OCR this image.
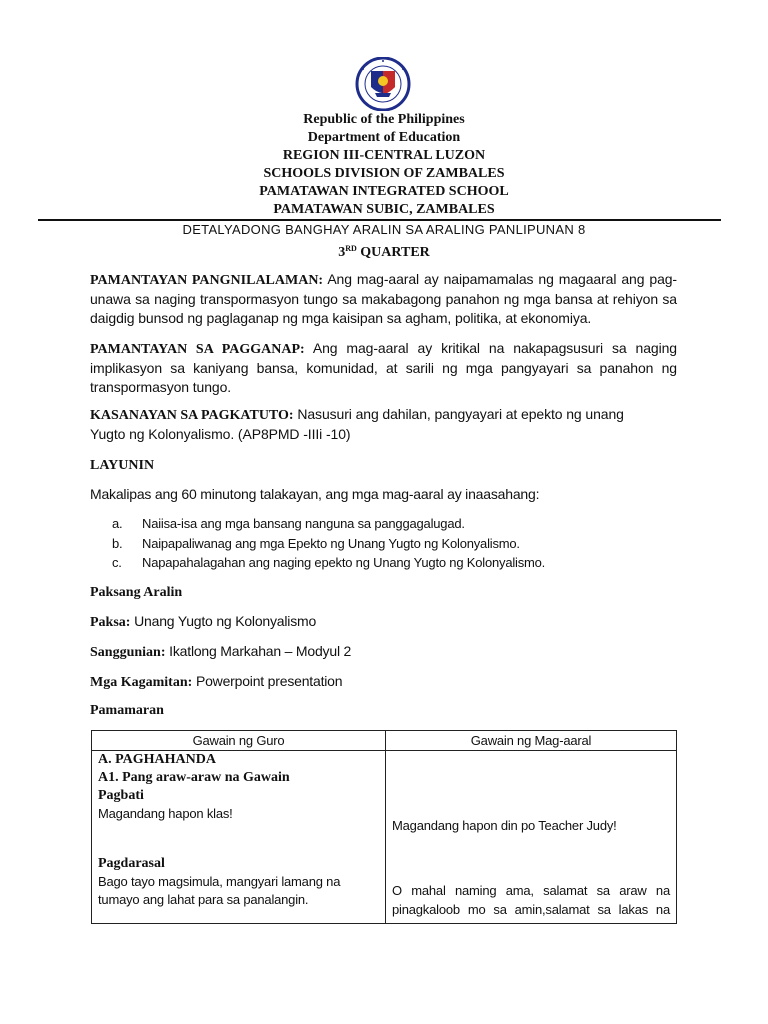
Republic of the Philippines
Department of Education
REGION III-CENTRAL LUZON
SCHOOLS DIVISION OF ZAMBALES
PAMATAWAN INTEGRATED SCHOOL
PAMATAWAN SUBIC, ZAMBALES
DETALYADONG BANGHAY ARALIN SA ARALING PANLIPUNAN 8
3RD QUARTER
PAMANTAYAN PANGNILALAMAN: Ang mag-aaral ay naipamamalas ng magaaral ang pag-unawa sa naging transpormasyon tungo sa makabagong panahon ng mga bansa at rehiyon sa daigdig bunsod ng paglaganap ng mga kaisipan sa agham, politika, at ekonomiya.
PAMANTAYAN SA PAGGANAP: Ang mag-aaral ay kritikal na nakapagsusuri sa naging implikasyon sa kaniyang bansa, komunidad, at sarili ng mga pangyayari sa panahon ng transpormasyon tungo.
KASANAYAN SA PAGKATUTO: Nasusuri ang dahilan, pangyayari at epekto ng unang
Yugto ng Kolonyalismo. (AP8PMD -IIIi -10)
LAYUNIN
Makalipas ang 60 minutong talakayan, ang mga mag-aaral ay inaasahang:
a. Naiisa-isa ang mga bansang nanguna sa panggagalugad.
b. Naipapaliwanag ang mga Epekto ng Unang Yugto ng Kolonyalismo.
c. Napapahalagahan ang naging epekto ng Unang Yugto ng Kolonyalismo.
Paksang Aralin
Paksa: Unang Yugto ng Kolonyalismo
Sanggunian: Ikatlong Markahan – Modyul 2
Mga Kagamitan: Powerpoint presentation
Pamamaran
Gawain ng Guro	Gawain ng Mag-aaral
A. PAGHAHANDA
A1. Pang araw-araw na Gawain
Pagbati
Magandang hapon klas!
Magandang hapon din po Teacher Judy!
Pagdarasal
Bago tayo magsimula, mangyari lamang na
tumayo ang lahat para sa panalangin.
O mahal naming ama, salamat sa araw na
pinagkaloob mo sa amin,salamat sa lakas na
